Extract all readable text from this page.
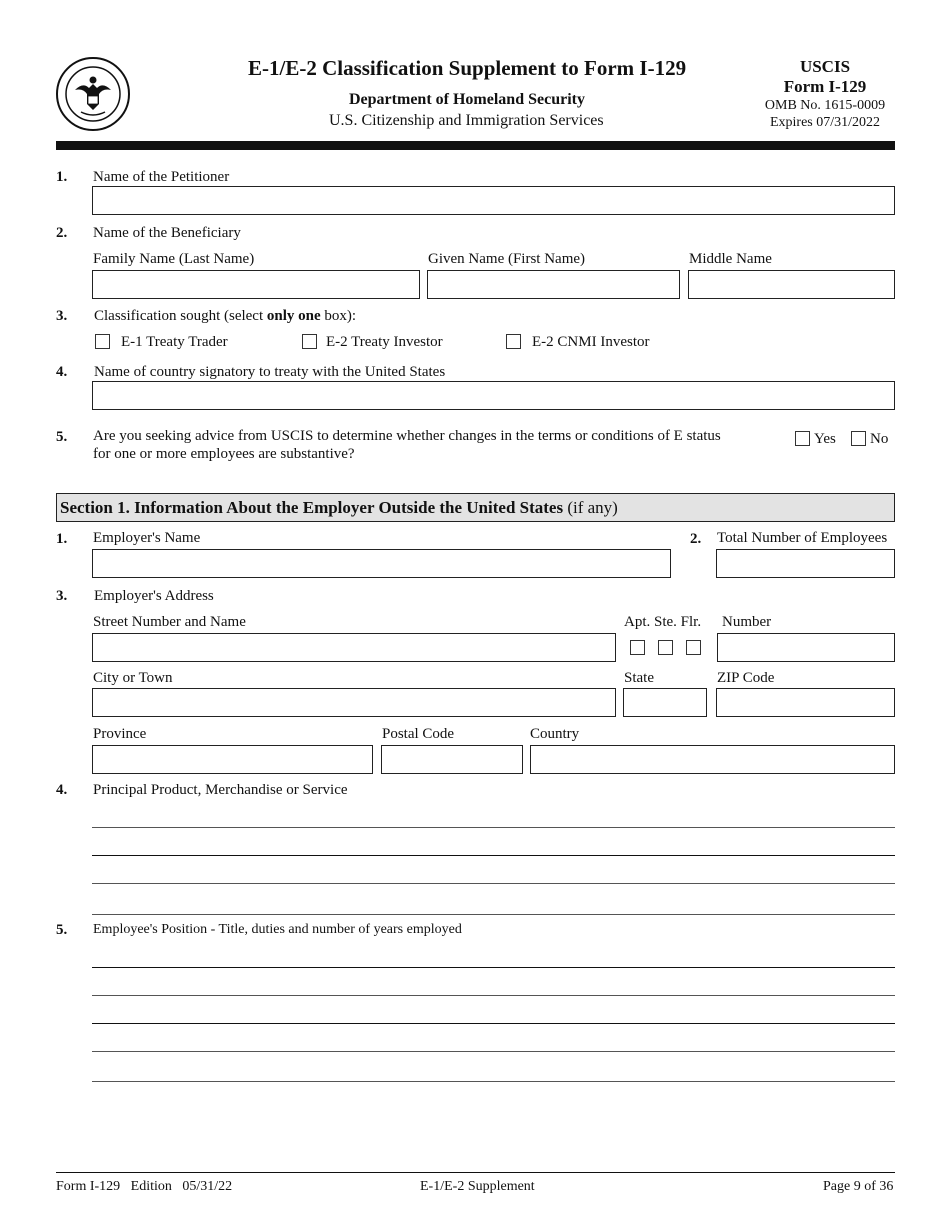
E-1/E-2 Classification Supplement to Form I-129
Department of Homeland Security
U.S. Citizenship and Immigration Services
USCIS
Form I-129
OMB No. 1615-0009
Expires 07/31/2022
1. Name of the Petitioner
2. Name of the Beneficiary
Family Name (Last Name)	Given Name (First Name)	Middle Name
3. Classification sought (select only one box):
E-1 Treaty Trader	E-2 Treaty Investor	E-2 CNMI Investor
4. Name of country signatory to treaty with the United States
5. Are you seeking advice from USCIS to determine whether changes in the terms or conditions of E status
for one or more employees are substantive?
Yes No
Section 1. Information About the Employer Outside the United States (if any)
1. Employer's Name	2. Total Number of Employees
3. Employer's Address
Street Number and Name	Apt. Ste. Flr. Number
City or Town	State	ZIP Code
Province	Postal Code	Country
4. Principal Product, Merchandise or Service
5. Employee's Position - Title, duties and number of years employed
Form I-129   Edition   05/31/22	E-1/E-2 Supplement	Page 9 of 36
